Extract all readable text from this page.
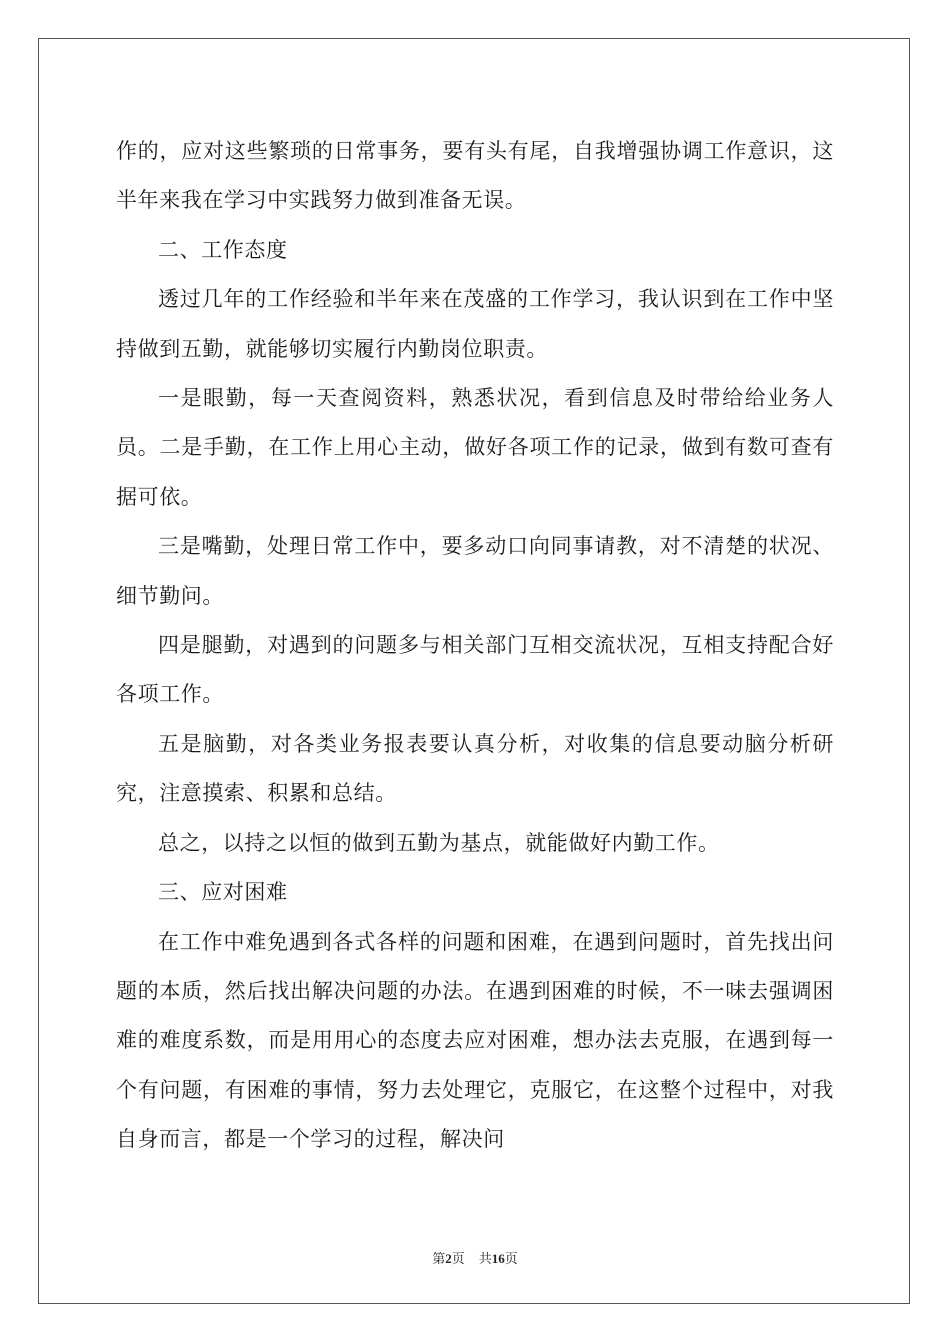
作的，应对这些繁琐的日常事务，要有头有尾，自我增强协调工作意识，这半年来我在学习中实践努力做到准备无误。

二、工作态度

透过几年的工作经验和半年来在茂盛的工作学习，我认识到在工作中坚持做到五勤，就能够切实履行内勤岗位职责。

一是眼勤，每一天查阅资料，熟悉状况，看到信息及时带给给业务人员。二是手勤，在工作上用心主动，做好各项工作的记录，做到有数可查有据可依。

三是嘴勤，处理日常工作中，要多动口向同事请教，对不清楚的状况、细节勤问。

四是腿勤，对遇到的问题多与相关部门互相交流状况，互相支持配合好各项工作。

五是脑勤，对各类业务报表要认真分析，对收集的信息要动脑分析研究，注意摸索、积累和总结。

总之，以持之以恒的做到五勤为基点，就能做好内勤工作。

三、应对困难

在工作中难免遇到各式各样的问题和困难，在遇到问题时，首先找出问题的本质，然后找出解决问题的办法。在遇到困难的时候，不一味去强调困难的难度系数，而是用用心的态度去应对困难，想办法去克服，在遇到每一个有问题，有困难的事情，努力去处理它，克服它，在这整个过程中，对我自身而言，都是一个学习的过程，解决问

第2页 共16页
